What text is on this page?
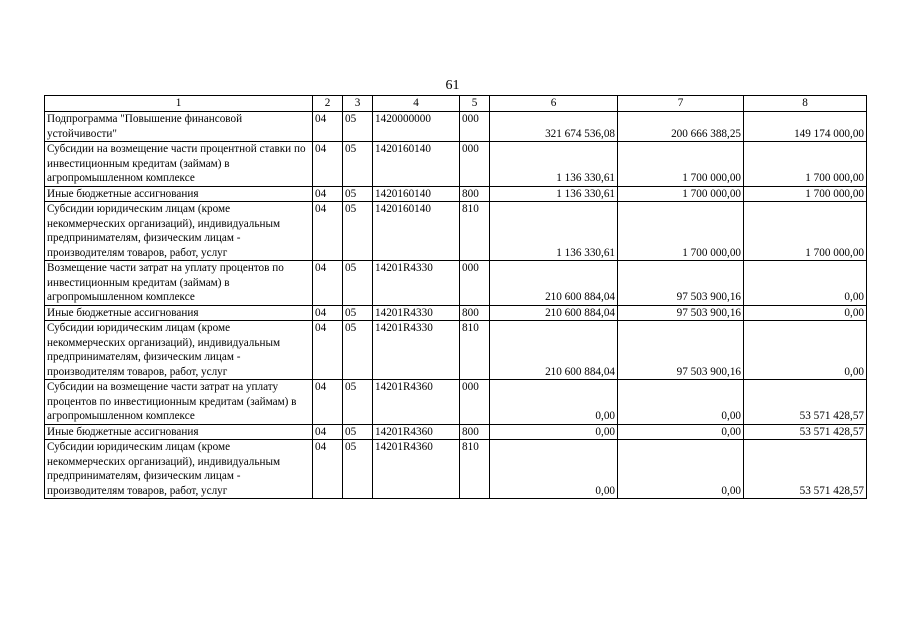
61
1	2	3	4	5	6	7	8
Подпрограмма "Повышение финансовой устойчивости"	04	05	1420000000	000	321 674 536,08	200 666 388,25	149 174 000,00
Субсидии на возмещение части процентной ставки по инвестиционным кредитам (займам) в агропромышленном комплексе	04	05	1420160140	000	1 136 330,61	1 700 000,00	1 700 000,00
Иные бюджетные ассигнования	04	05	1420160140	800	1 136 330,61	1 700 000,00	1 700 000,00
Субсидии юридическим лицам (кроме некоммерческих организаций), индивидуальным предпринимателям, физическим лицам - производителям товаров, работ, услуг	04	05	1420160140	810	1 136 330,61	1 700 000,00	1 700 000,00
Возмещение части затрат на уплату процентов по инвестиционным кредитам (займам) в агропромышленном комплексе	04	05	14201R4330	000	210 600 884,04	97 503 900,16	0,00
Иные бюджетные ассигнования	04	05	14201R4330	800	210 600 884,04	97 503 900,16	0,00
Субсидии юридическим лицам (кроме некоммерческих организаций), индивидуальным предпринимателям, физическим лицам - производителям товаров, работ, услуг	04	05	14201R4330	810	210 600 884,04	97 503 900,16	0,00
Субсидии на возмещение части затрат на уплату процентов по инвестиционным кредитам (займам) в агропромышленном комплексе	04	05	14201R4360	000	0,00	0,00	53 571 428,57
Иные бюджетные ассигнования	04	05	14201R4360	800	0,00	0,00	53 571 428,57
Субсидии юридическим лицам (кроме некоммерческих организаций), индивидуальным предпринимателям, физическим лицам - производителям товаров, работ, услуг	04	05	14201R4360	810	0,00	0,00	53 571 428,57
